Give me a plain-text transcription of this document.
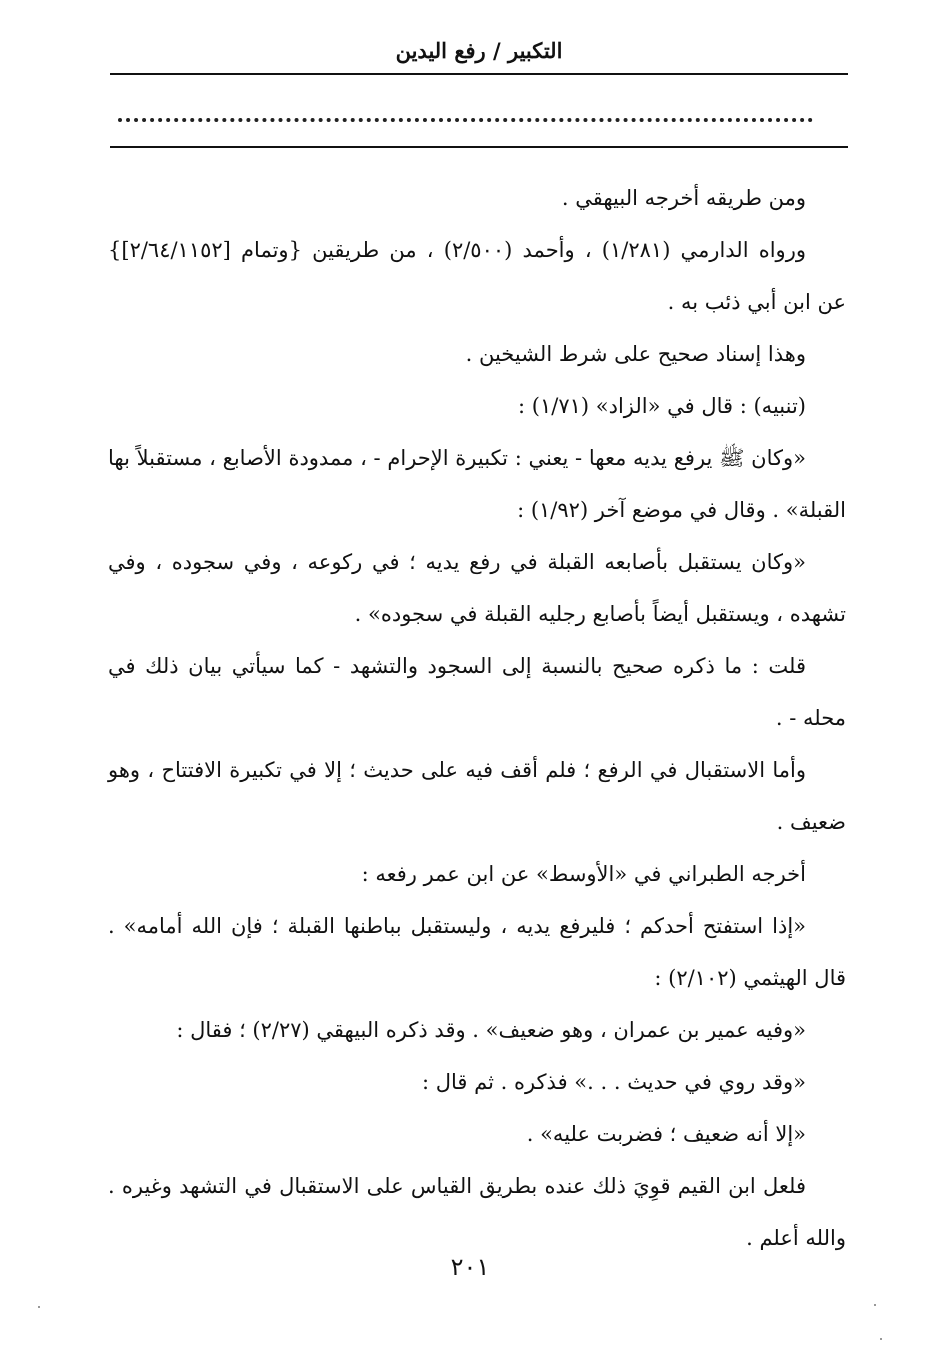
التكبير / رفع اليدين

ومن طريقه أخرجه البيهقي .

ورواه الدارمي (١/٢٨١) ، وأحمد (٢/٥٠٠) ، من طريقين {وتمام [٢/٦٤/١١٥٢]} عن ابن أبي ذئب به .

وهذا إسناد صحيح على شرط الشيخين .

(تنبيه) : قال في «الزاد» (١/٧١) :

«وكان ﷺ يرفع يديه معها - يعني : تكبيرة الإحرام - ، ممدودة الأصابع ، مستقبلاً بها القبلة» . وقال في موضع آخر (١/٩٢) :

«وكان يستقبل بأصابعه القبلة في رفع يديه ؛ في ركوعه ، وفي سجوده ، وفي تشهده ، ويستقبل أيضاً بأصابع رجليه القبلة في سجوده» .

قلت : ما ذكره صحيح بالنسبة إلى السجود والتشهد - كما سيأتي بيان ذلك في محله - .

وأما الاستقبال في الرفع ؛ فلم أقف فيه على حديث ؛ إلا في تكبيرة الافتتاح ، وهو ضعيف .

أخرجه الطبراني في «الأوسط» عن ابن عمر رفعه :

«إذا استفتح أحدكم ؛ فليرفع يديه ، وليستقبل بباطنها القبلة ؛ فإن الله أمامه» . قال الهيثمي (٢/١٠٢) :

«وفيه عمير بن عمران ، وهو ضعيف» . وقد ذكره البيهقي (٢/٢٧) ؛ فقال :

«وقد روي في حديث . . .» فذكره . ثم قال :

«إلا أنه ضعيف ؛ فضربت عليه» .

فلعل ابن القيم قوِيَ ذلك عنده بطريق القياس على الاستقبال في التشهد وغيره . والله أعلم .

٢٠١
